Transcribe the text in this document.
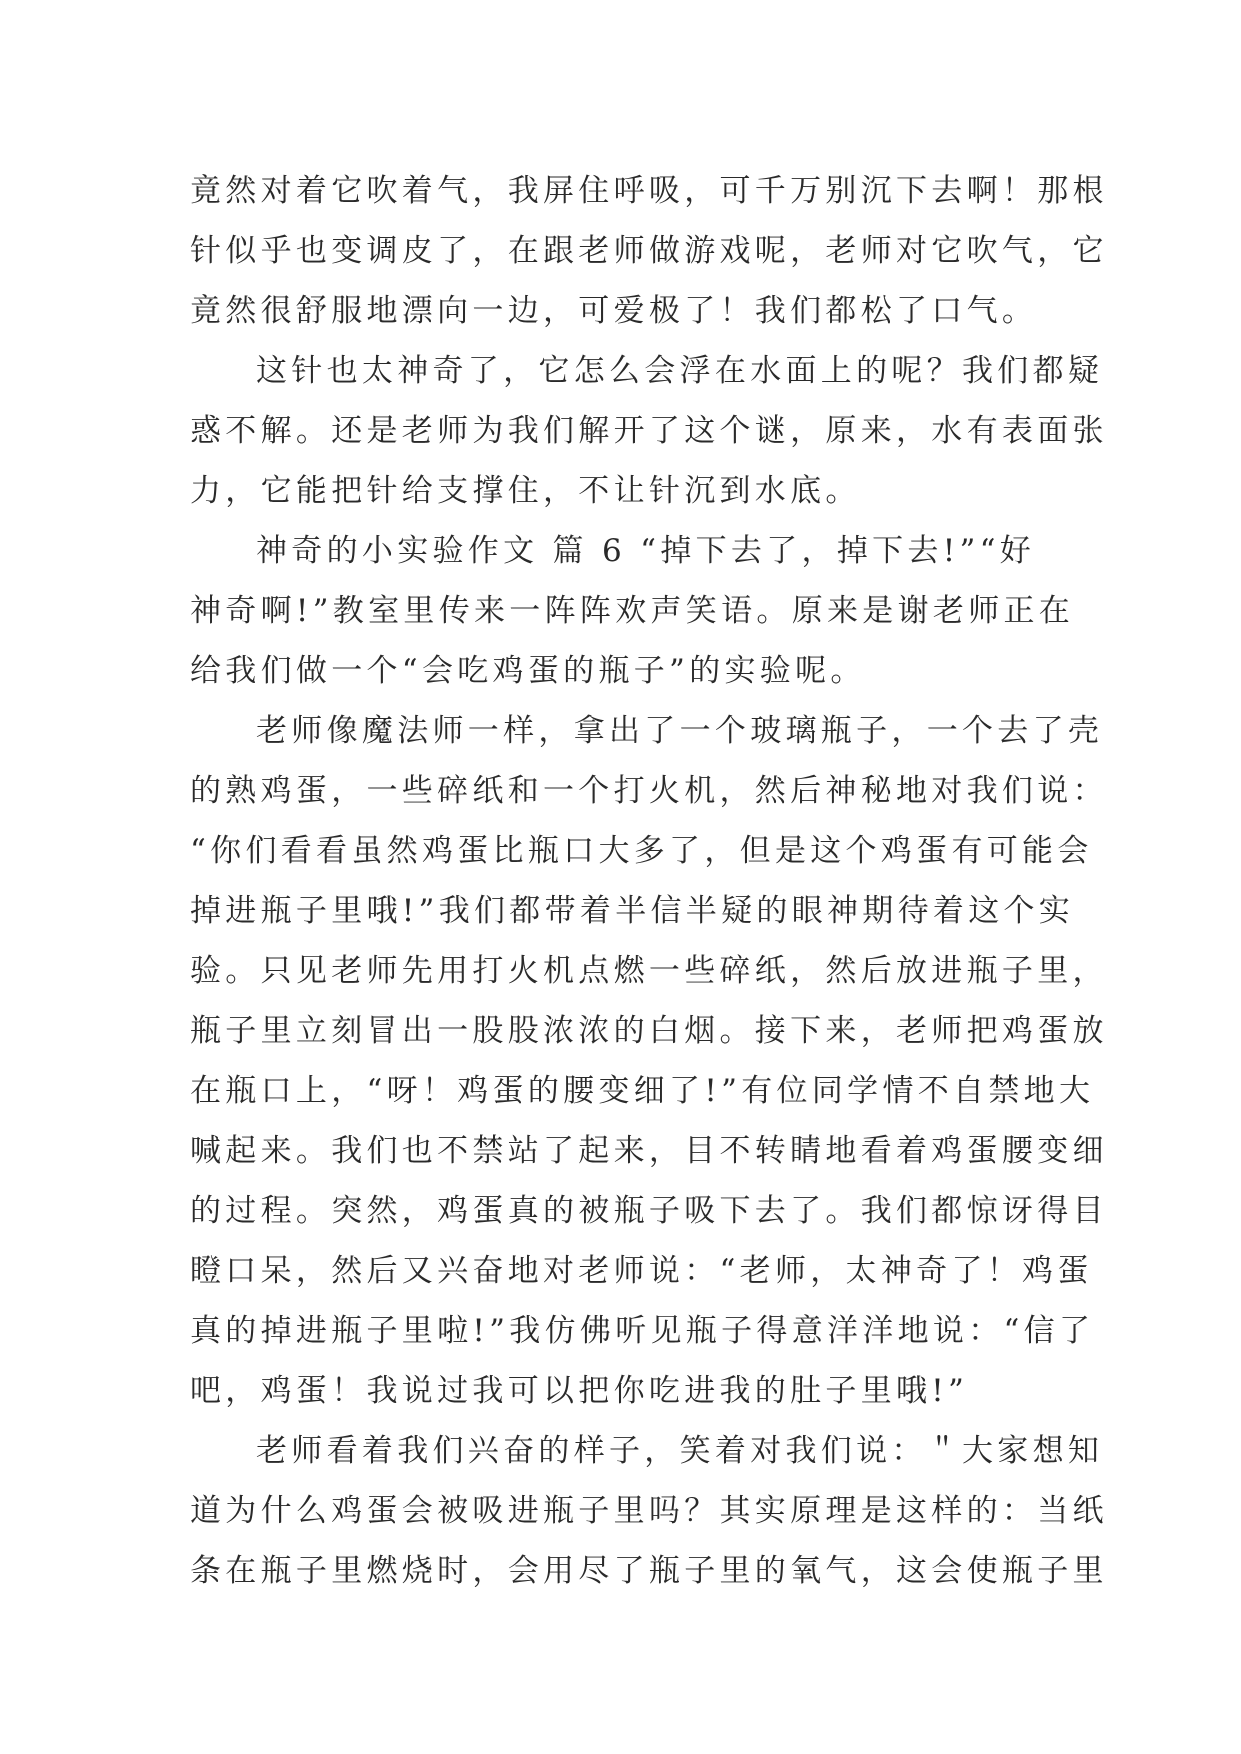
竟然对着它吹着气，我屏住呼吸，可千万别沉下去啊！那根
针似乎也变调皮了，在跟老师做游戏呢，老师对它吹气，它
竟然很舒服地漂向一边，可爱极了！我们都松了口气。
这针也太神奇了，它怎么会浮在水面上的呢？我们都疑
惑不解。还是老师为我们解开了这个谜，原来，水有表面张
力，它能把针给支撑住，不让针沉到水底。
神奇的小实验作文 篇 6 “掉下去了，掉下去!”“好
神奇啊!”教室里传来一阵阵欢声笑语。原来是谢老师正在
给我们做一个“会吃鸡蛋的瓶子”的实验呢。
老师像魔法师一样，拿出了一个玻璃瓶子，一个去了壳
的熟鸡蛋，一些碎纸和一个打火机，然后神秘地对我们说：
“你们看看虽然鸡蛋比瓶口大多了，但是这个鸡蛋有可能会
掉进瓶子里哦!”我们都带着半信半疑的眼神期待着这个实
验。只见老师先用打火机点燃一些碎纸，然后放进瓶子里，
瓶子里立刻冒出一股股浓浓的白烟。接下来，老师把鸡蛋放
在瓶口上，“呀！鸡蛋的腰变细了!”有位同学情不自禁地大
喊起来。我们也不禁站了起来，目不转睛地看着鸡蛋腰变细
的过程。突然，鸡蛋真的被瓶子吸下去了。我们都惊讶得目
瞪口呆，然后又兴奋地对老师说：“老师，太神奇了！鸡蛋
真的掉进瓶子里啦!”我仿佛听见瓶子得意洋洋地说：“信了
吧，鸡蛋！我说过我可以把你吃进我的肚子里哦!”
老师看着我们兴奋的样子，笑着对我们说：＂大家想知
道为什么鸡蛋会被吸进瓶子里吗？其实原理是这样的：当纸
条在瓶子里燃烧时，会用尽了瓶子里的氧气，这会使瓶子里
